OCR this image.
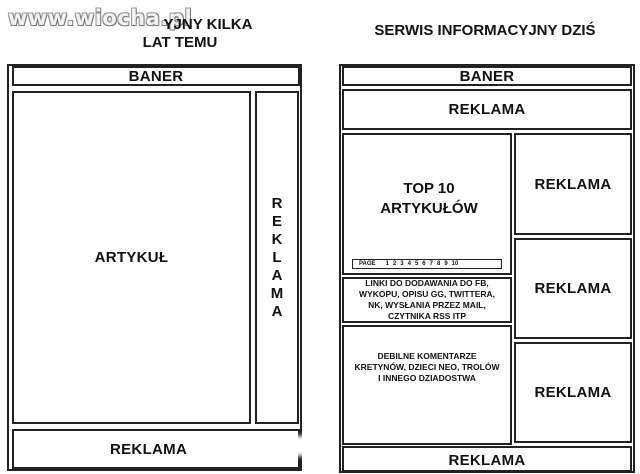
www.wiocha.pl
YJNY KILKA
LAT TEMU
BANER
ARTYKUŁ
R
E
K
L
A
M
A
REKLAMA
SERWIS INFORMACYJNY DZIŚ
BANER
REKLAMA
TOP 10 ARTYKUŁÓW
PAGE 1 2 3 4 5 6 7 8 9 10
LINKI DO DODAWANIA DO FB, WYKOPU, OPISU GG, TWITTERA, NK, WYSŁANIA PRZEZ MAIL, CZYTNIKA RSS ITP
DEBILNE KOMENTARZE KRETYNÓW, DZIECI NEO, TROLÓW I INNEGO DZIADOSTWA
REKLAMA
REKLAMA
REKLAMA
REKLAMA
